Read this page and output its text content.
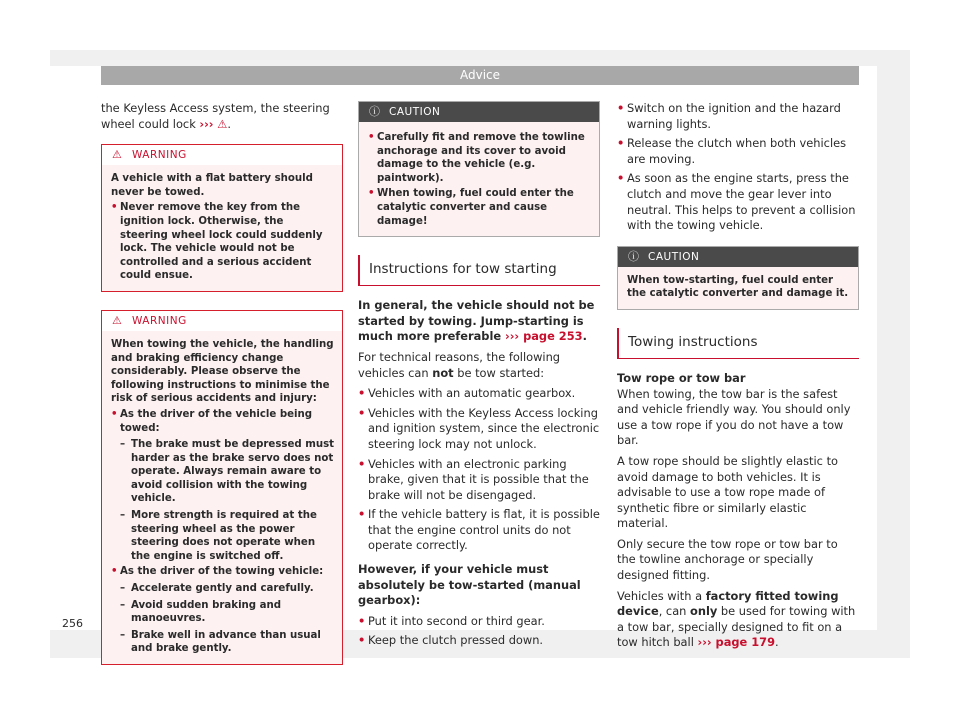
Advice

the Keyless Access system, the steering wheel could lock ››› ⚠.

⚠ WARNING
A vehicle with a flat battery should never be towed.
• Never remove the key from the ignition lock. Otherwise, the steering wheel lock could suddenly lock. The vehicle would not be controlled and a serious accident could ensue.
⚠ WARNING
When towing the vehicle, the handling and braking efficiency change considerably. Please observe the following instructions to minimise the risk of serious accidents and injury:
• As the driver of the vehicle being towed:
– The brake must be depressed must harder as the brake servo does not operate. Always remain aware to avoid collision with the towing vehicle.
– More strength is required at the steering wheel as the power steering does not operate when the engine is switched off.
• As the driver of the towing vehicle:
– Accelerate gently and carefully.
– Avoid sudden braking and manoeuvres.
– Brake well in advance than usual and brake gently.
ⓘ CAUTION
• Carefully fit and remove the towline anchorage and its cover to avoid damage to the vehicle (e.g. paintwork).
• When towing, fuel could enter the catalytic converter and cause damage!
Instructions for tow starting

In general, the vehicle should not be started by towing. Jump-starting is much more preferable ››› page 253.

For technical reasons, the following vehicles can not be tow started:

• Vehicles with an automatic gearbox.
• Vehicles with the Keyless Access locking and ignition system, since the electronic steering lock may not unlock.
• Vehicles with an electronic parking brake, given that it is possible that the brake will not be disengaged.
• If the vehicle battery is flat, it is possible that the engine control units do not operate correctly.

However, if your vehicle must absolutely be tow-started (manual gearbox):

• Put it into second or third gear.
• Keep the clutch pressed down.
• Switch on the ignition and the hazard warning lights.
• Release the clutch when both vehicles are moving.
• As soon as the engine starts, press the clutch and move the gear lever into neutral. This helps to prevent a collision with the towing vehicle.
ⓘ CAUTION
When tow-starting, fuel could enter the catalytic converter and damage it.
Towing instructions

Tow rope or tow bar

When towing, the tow bar is the safest and vehicle friendly way. You should only use a tow rope if you do not have a tow bar.

A tow rope should be slightly elastic to avoid damage to both vehicles. It is advisable to use a tow rope made of synthetic fibre or similarly elastic material.

Only secure the tow rope or tow bar to the towline anchorage or specially designed fitting.

Vehicles with a factory fitted towing device, can only be used for towing with a tow bar, specially designed to fit on a tow hitch ball ››› page 179.

256
